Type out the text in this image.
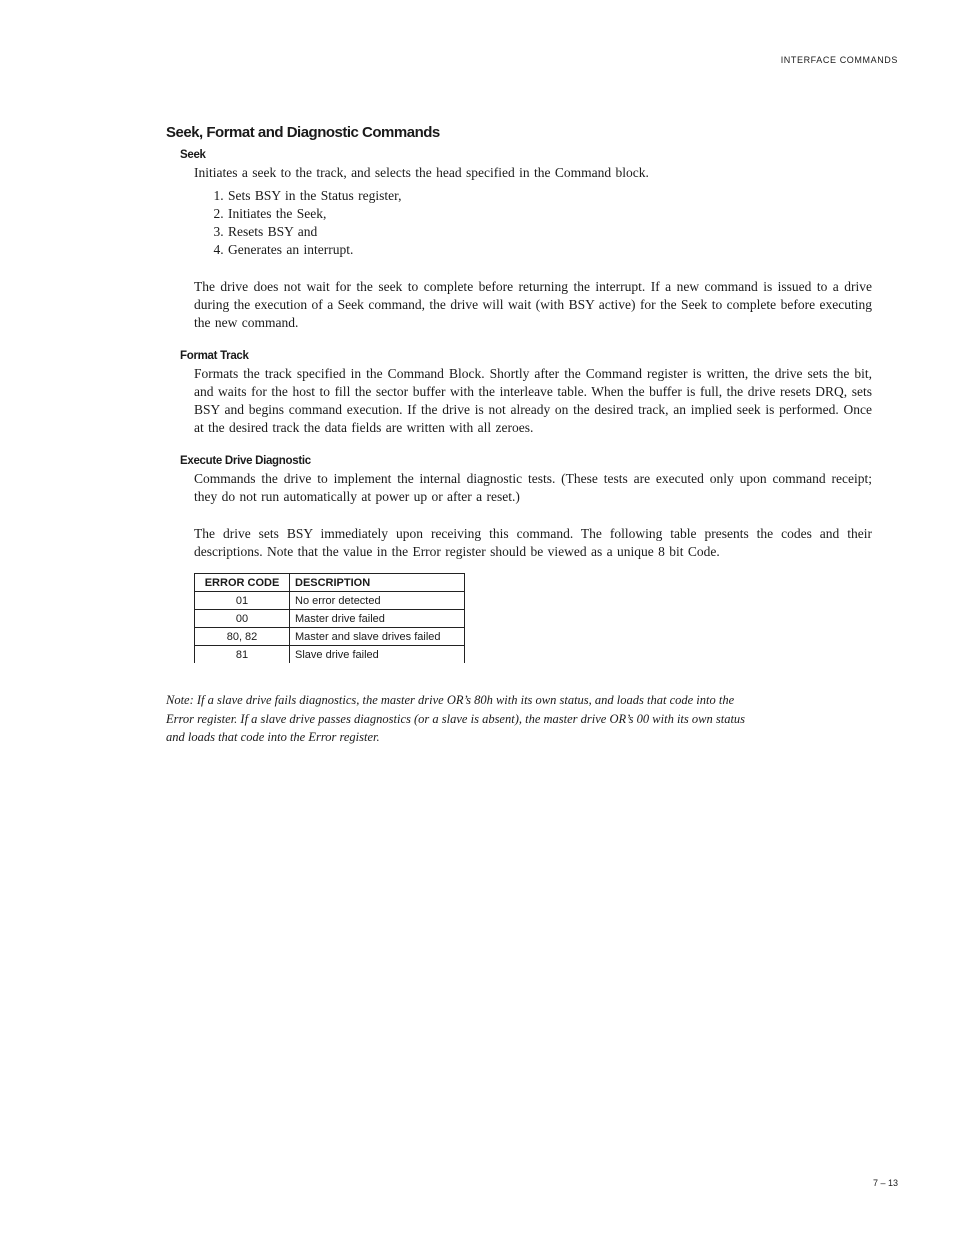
INTERFACE COMMANDS
Seek, Format and Diagnostic Commands
Seek

Initiates a seek to the track, and selects the head specified in the Command block.

1. Sets BSY in the Status register,
2. Initiates the Seek,
3. Resets BSY and
4. Generates an interrupt.

The drive does not wait for the seek to complete before returning the interrupt. If a new command is issued to a drive during the execution of a Seek command, the drive will wait (with BSY active) for the Seek to complete before executing the new command.

Format Track

Formats the track specified in the Command Block. Shortly after the Command register is written, the drive sets the bit, and waits for the host to fill the sector buffer with the interleave table. When the buffer is full, the drive resets DRQ, sets BSY and begins command execution. If the drive is not already on the desired track, an implied seek is performed. Once at the desired track the data fields are written with all zeroes.

Execute Drive Diagnostic

Commands the drive to implement the internal diagnostic tests. (These tests are executed only upon command receipt; they do not run automatically at power up or after a reset.)

The drive sets BSY immediately upon receiving this command. The following table presents the codes and their descriptions. Note that the value in the Error register should be viewed as a unique 8 bit Code.

ERROR CODE	DESCRIPTION
01	No error detected
00	Master drive failed
80, 82	Master and slave drives failed
81	Slave drive failed

Note: If a slave drive fails diagnostics, the master drive OR’s 80h with its own status, and loads that code into the Error register. If a slave drive passes diagnostics (or a slave is absent), the master drive OR’s 00 with its own status and loads that code into the Error register.

7 – 13
